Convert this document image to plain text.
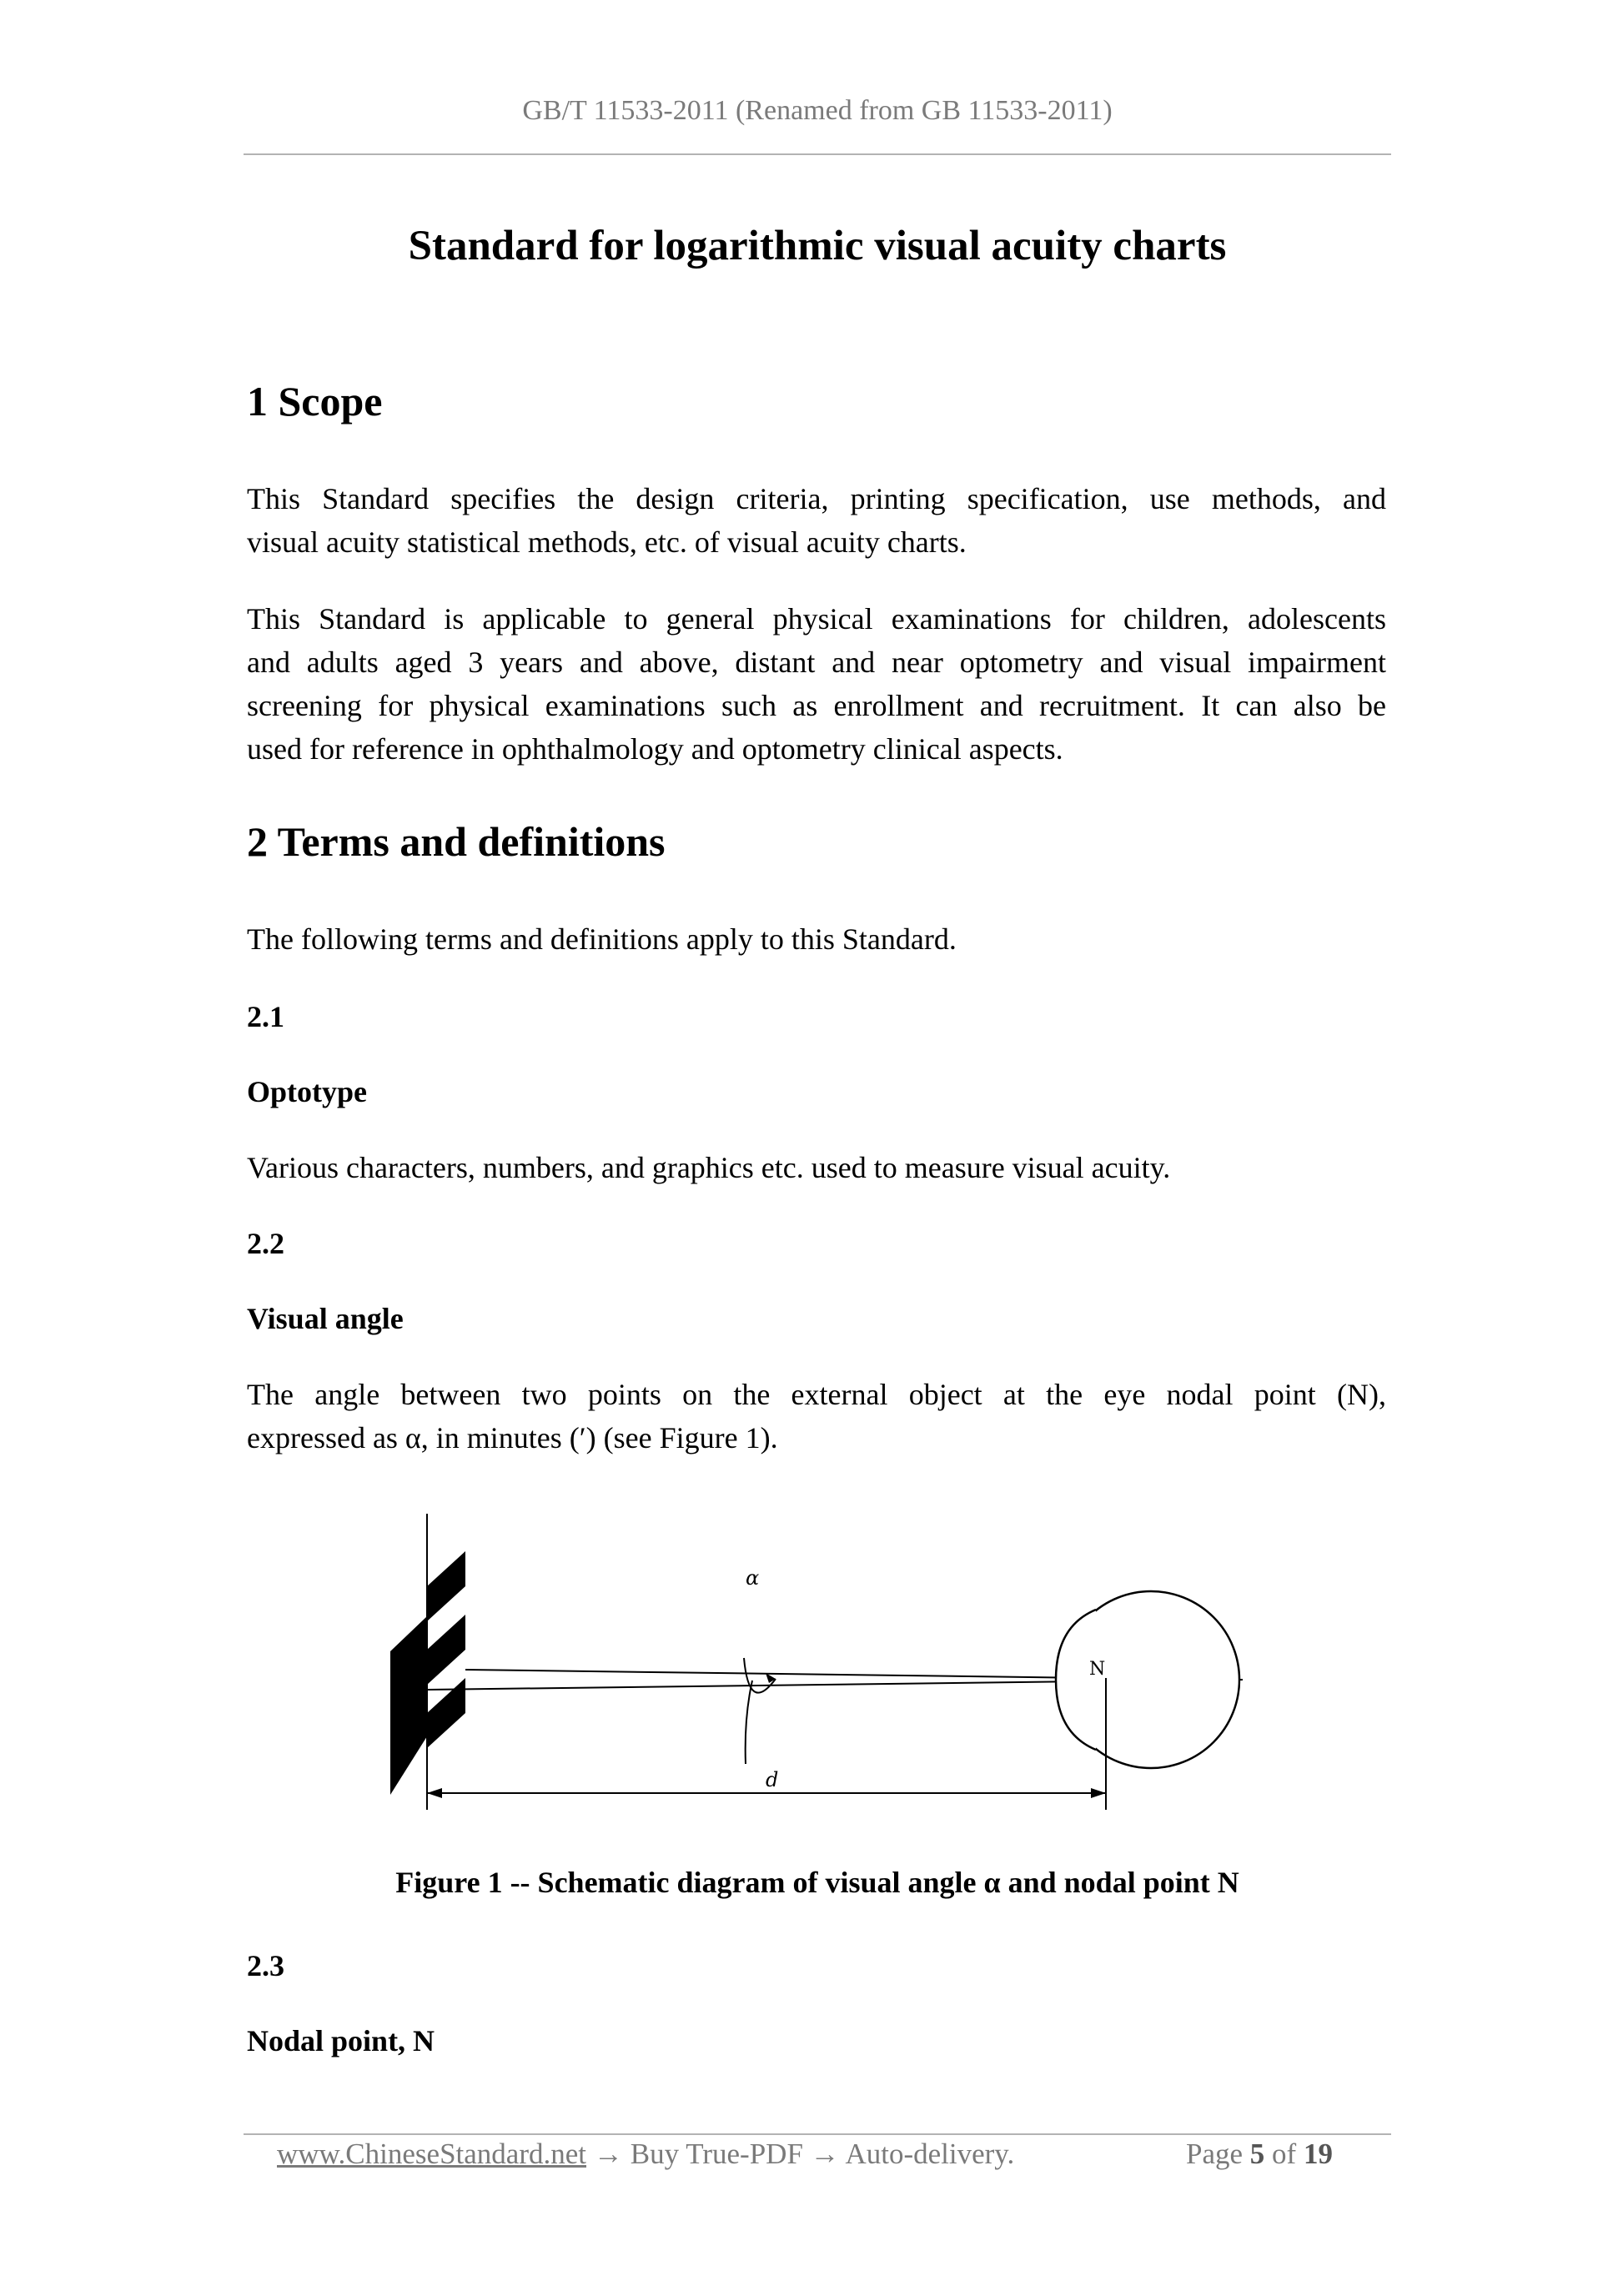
GB/T 11533-2011 (Renamed from GB 11533-2011)
Standard for logarithmic visual acuity charts
1 Scope
This Standard specifies the design criteria, printing specification, use methods, and
visual acuity statistical methods, etc. of visual acuity charts.
This Standard is applicable to general physical examinations for children, adolescents
and adults aged 3 years and above, distant and near optometry and visual impairment
screening for physical examinations such as enrollment and recruitment. It can also be
used for reference in ophthalmology and optometry clinical aspects.
2 Terms and definitions
The following terms and definitions apply to this Standard.
2.1
Optotype
Various characters, numbers, and graphics etc. used to measure visual acuity.
2.2
Visual angle
The angle between two points on the external object at the eye nodal point (N),
expressed as α, in minutes (′) (see Figure 1).
α
N
d
Figure 1 -- Schematic diagram of visual angle α and nodal point N
2.3
Nodal point, N
www.ChineseStandard.net → Buy True-PDF → Auto-delivery.	Page 5 of 19
